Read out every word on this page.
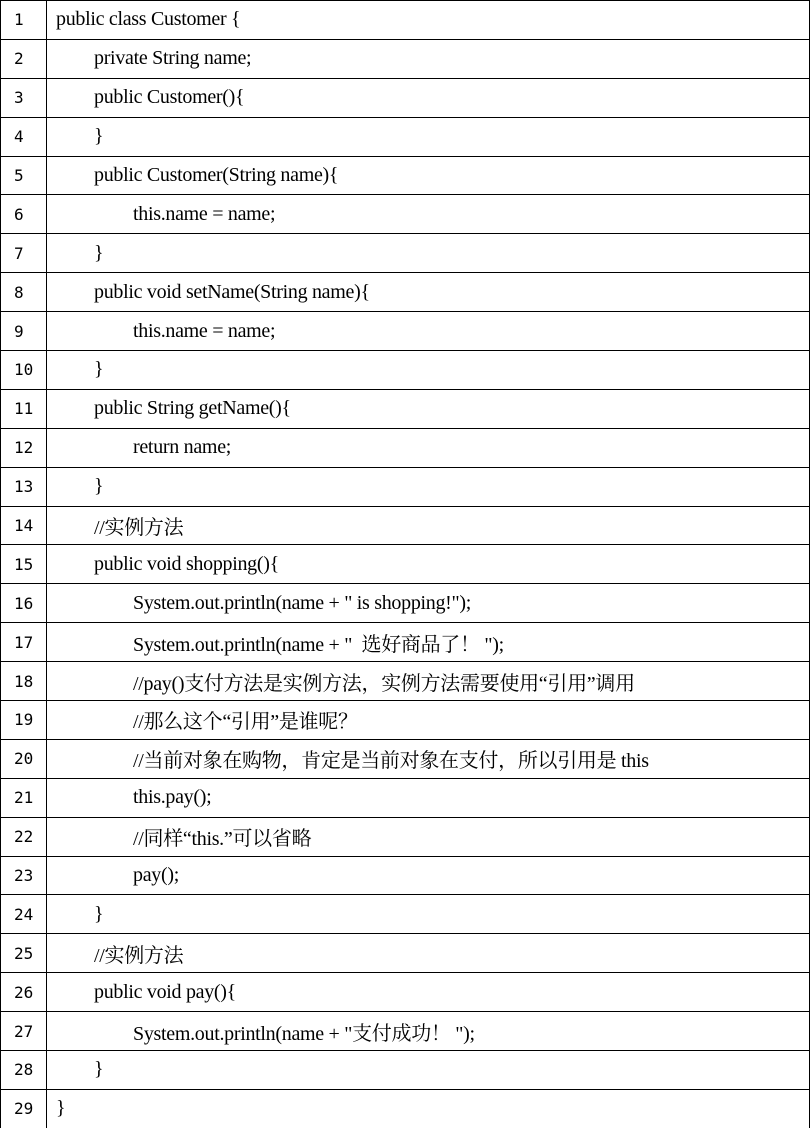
1	public class Customer {
2	private String name;
3	public Customer(){
4	}
5	public Customer(String name){
6	this.name = name;
7	}
8	public void setName(String name){
9	this.name = name;
10	}
11	public String getName(){
12	return name;
13	}
14	//实例方法
15	public void shopping(){
16	System.out.println(name + " is shopping!");
17	System.out.println(name + "  选好商品了！ ");
18	//pay()支付方法是实例方法，实例方法需要使用“引用”调用
19	//那么这个“引用”是谁呢？
20	//当前对象在购物，肯定是当前对象在支付，所以引用是 this
21	this.pay();
22	//同样“this.”可以省略
23	pay();
24	}
25	//实例方法
26	public void pay(){
27	System.out.println(name + "支付成功！ ");
28	}
29	}
